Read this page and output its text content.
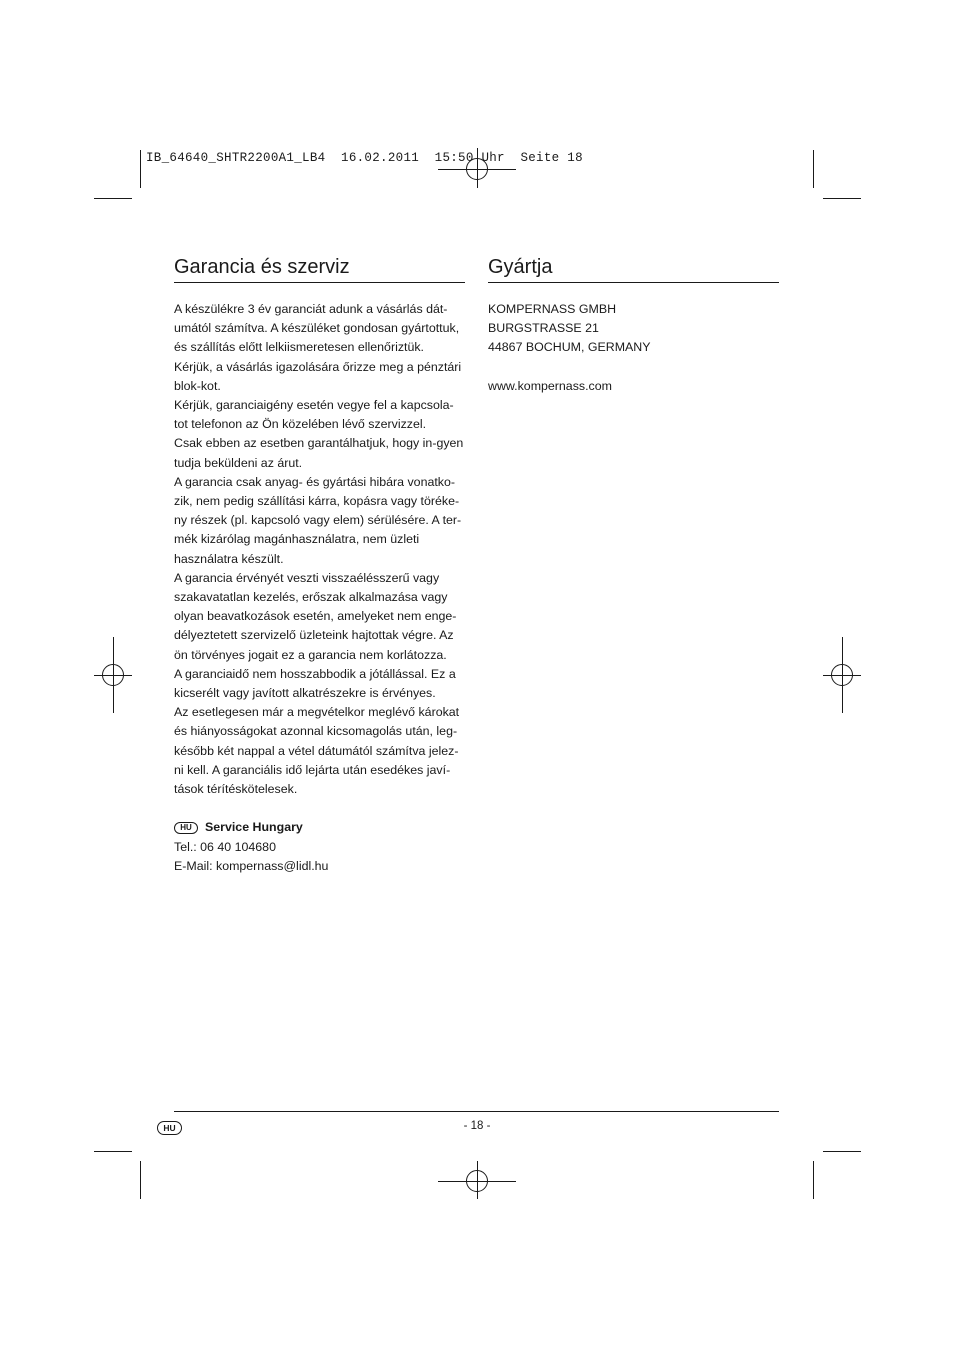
IB_64640_SHTR2200A1_LB4  16.02.2011  15:50 Uhr  Seite 18
Garancia és szerviz

A készülékre 3 év garanciát adunk a vásárlás dát-umától számítva. A készüléket gondosan gyártottuk, és szállítás előtt lelkiismeretesen ellenőriztük. Kérjük, a vásárlás igazolására őrizze meg a pénztári blok-kot.

Kérjük, garanciaigény esetén vegye fel a kapcsola-tot telefonon az Ön közelében lévő szervizzel.

Csak ebben az esetben garantálhatjuk, hogy in-gyen tudja beküldeni az árut.

A garancia csak anyag- és gyártási hibára vonatko-zik, nem pedig szállítási kárra, kopásra vagy töréke-ny részek (pl. kapcsoló vagy elem) sérülésére. A ter-mék kizárólag magánhasználatra, nem üzleti használatra készült.

A garancia érvényét veszti visszaélésszerű vagy szakavatatlan kezelés, erőszak alkalmazása vagy olyan beavatkozások esetén, amelyeket nem enge-délyeztetett szervizelő üzleteink hajtottak végre. Az ön törvényes jogait ez a garancia nem korlátozza.

A garanciaidő nem hosszabbodik a jótállással. Ez a kicserélt vagy javított alkatrészekre is érvényes.

Az esetlegesen már a megvételkor meglévő károkat és hiányosságokat azonnal kicsomagolás után, leg-később két nappal a vétel dátumától számítva jelez-ni kell. A garanciális idő lejárta után esedékes javí-tások térítéskötelesek.

HU	Service Hungary
Tel.: 06 40 104680
E-Mail: kompernass@lidl.hu
Gyártja
KOMPERNASS GMBH
BURGSTRASSE 21
44867 BOCHUM, GERMANY
www.kompernass.com
HU	- 18 -
